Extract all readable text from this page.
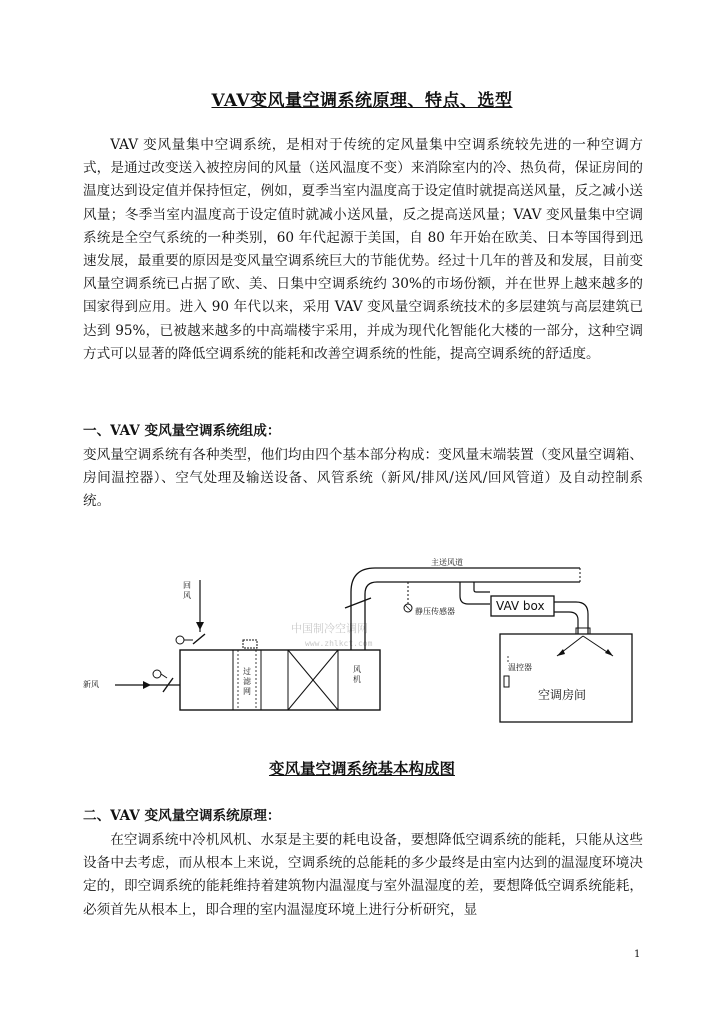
VAV变风量空调系统原理、特点、选型

VAV 变风量集中空调系统，是相对于传统的定风量集中空调系统较先进的一种空调方式，是通过改变送入被控房间的风量（送风温度不变）来消除室内的冷、热负荷，保证房间的温度达到设定值并保持恒定，例如，夏季当室内温度高于设定值时就提高送风量，反之减小送风量；冬季当室内温度高于设定值时就减小送风量，反之提高送风量；VAV 变风量集中空调系统是全空气系统的一种类别，60 年代起源于美国，自 80 年开始在欧美、日本等国得到迅速发展，最重要的原因是变风量空调系统巨大的节能优势。经过十几年的普及和发展，目前变风量空调系统已占据了欧、美、日集中空调系统约 30%的市场份额，并在世界上越来越多的国家得到应用。进入 90 年代以来，采用 VAV 变风量空调系统技术的多层建筑与高层建筑已达到 95%，已被越来越多的中高端楼宇采用，并成为现代化智能化大楼的一部分，这种空调方式可以显著的降低空调系统的能耗和改善空调系统的性能，提高空调系统的舒适度。

一、VAV 变风量空调系统组成：

变风量空调系统有各种类型，他们均由四个基本部分构成：变风量末端装置（变风量空调箱、房间温控器）、空气处理及输送设备、风管系统（新风/排风/送风/回风管道）及自动控制系统。

中国制冷空调网
www.zhlkct.com
过滤网
风机
回风
新风
主送风道
静压传感器	VAV box
温控器
空调房间
变风量空调系统基本构成图

二、VAV 变风量空调系统原理：

在空调系统中冷机风机、水泵是主要的耗电设备，要想降低空调系统的能耗，只能从这些设备中去考虑，而从根本上来说，空调系统的总能耗的多少最终是由室内达到的温湿度环境决定的，即空调系统的能耗维持着建筑物内温湿度与室外温湿度的差，要想降低空调系统能耗，必须首先从根本上，即合理的室内温湿度环境上进行分析研究，显

1
